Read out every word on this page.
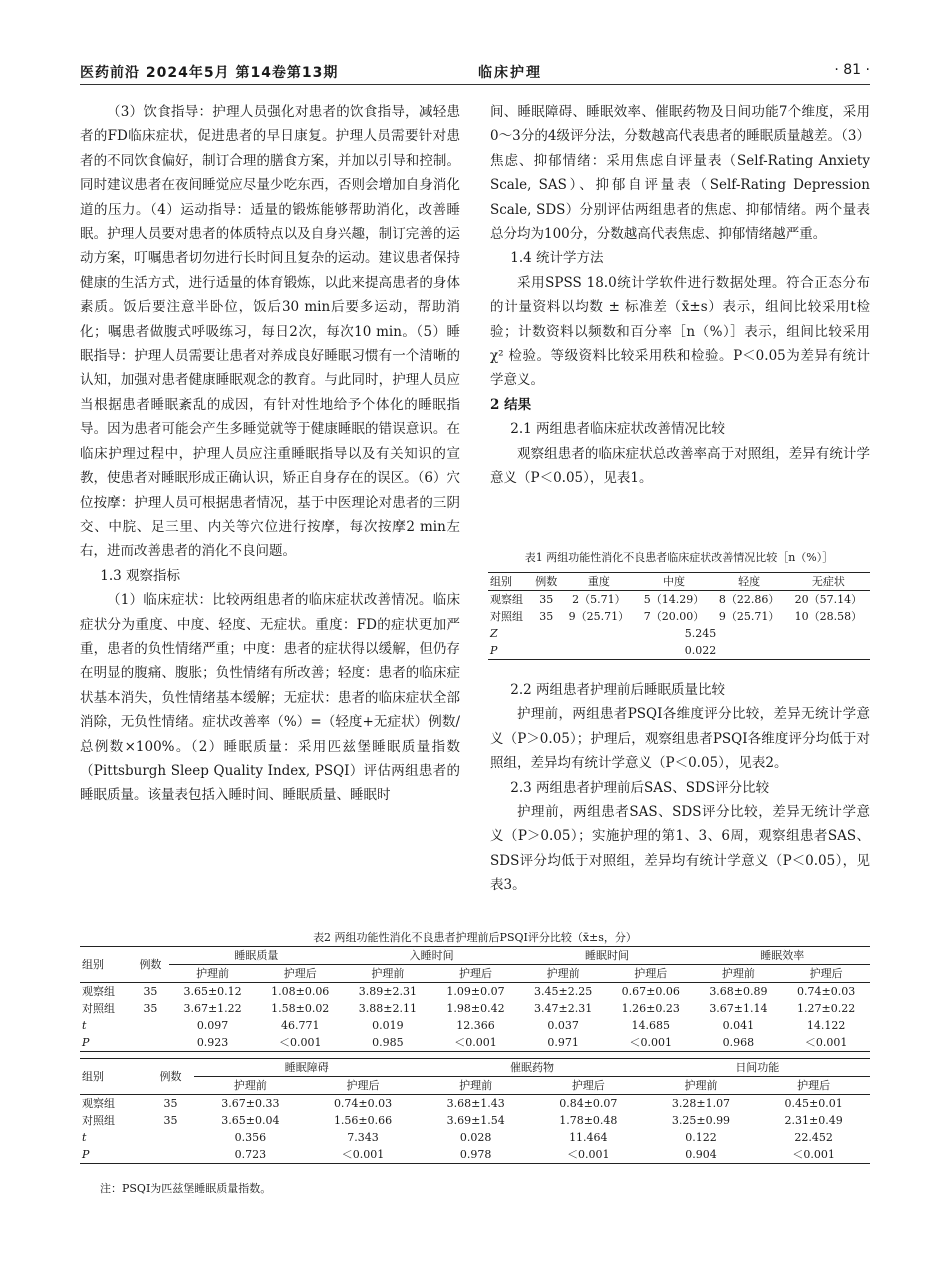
医药前沿 2024年5月 第14卷第13期	临床护理	· 81 ·

（3）饮食指导：护理人员强化对患者的饮食指导，减轻患者的FD临床症状，促进患者的早日康复。护理人员需要针对患者的不同饮食偏好，制订合理的膳食方案，并加以引导和控制。同时建议患者在夜间睡觉应尽量少吃东西，否则会增加自身消化道的压力。（4）运动指导：适量的锻炼能够帮助消化，改善睡眠。护理人员要对患者的体质特点以及自身兴趣，制订完善的运动方案，叮嘱患者切勿进行长时间且复杂的运动。建议患者保持健康的生活方式，进行适量的体育锻炼，以此来提高患者的身体素质。饭后要注意半卧位，饭后30 min后要多运动，帮助消化；嘱患者做腹式呼吸练习，每日2次，每次10 min。（5）睡眠指导：护理人员需要让患者对养成良好睡眠习惯有一个清晰的认知，加强对患者健康睡眠观念的教育。与此同时，护理人员应当根据患者睡眠紊乱的成因，有针对性地给予个体化的睡眠指导。因为患者可能会产生多睡觉就等于健康睡眠的错误意识。在临床护理过程中，护理人员应注重睡眠指导以及有关知识的宣教，使患者对睡眠形成正确认识，矫正自身存在的误区。（6）穴位按摩：护理人员可根据患者情况，基于中医理论对患者的三阴交、中脘、足三里、内关等穴位进行按摩，每次按摩2 min左右，进而改善患者的消化不良问题。

1.3 观察指标

（1）临床症状：比较两组患者的临床症状改善情况。临床症状分为重度、中度、轻度、无症状。重度：FD的症状更加严重，患者的负性情绪严重；中度：患者的症状得以缓解，但仍存在明显的腹痛、腹胀；负性情绪有所改善；轻度：患者的临床症状基本消失，负性情绪基本缓解；无症状：患者的临床症状全部消除，无负性情绪。症状改善率（%）=（轻度+无症状）例数/总例数×100%。（2）睡眠质量：采用匹兹堡睡眠质量指数（Pittsburgh Sleep Quality Index, PSQI）评估两组患者的睡眠质量。该量表包括入睡时间、睡眠质量、睡眠时

间、睡眠障碍、睡眠效率、催眠药物及日间功能7个维度，采用0～3分的4级评分法，分数越高代表患者的睡眠质量越差。（3）焦虑、抑郁情绪：采用焦虑自评量表（Self-Rating Anxiety Scale, SAS）、抑郁自评量表（Self-Rating Depression Scale, SDS）分别评估两组患者的焦虑、抑郁情绪。两个量表总分均为100分，分数越高代表焦虑、抑郁情绪越严重。

1.4 统计学方法

采用SPSS 18.0统计学软件进行数据处理。符合正态分布的计量资料以均数 ± 标准差（x̄±s）表示，组间比较采用t检验；计数资料以频数和百分率［n（%）］表示，组间比较采用 χ² 检验。等级资料比较采用秩和检验。P＜0.05为差异有统计学意义。

2 结果

2.1 两组患者临床症状改善情况比较

观察组患者的临床症状总改善率高于对照组，差异有统计学意义（P＜0.05），见表1。

表1 两组功能性消化不良患者临床症状改善情况比较［n（%）］

组别	例数	重度	中度	轻度	无症状
观察组	35	2（5.71）	5（14.29）	8（22.86）	20（57.14）
对照组	35	9（25.71）	7（20.00）	9（25.71）	10（28.58）
Z	5.245				
P	0.022				

2.2 两组患者护理前后睡眠质量比较

护理前，两组患者PSQI各维度评分比较，差异无统计学意义（P＞0.05）；护理后，观察组患者PSQI各维度评分均低于对照组，差异均有统计学意义（P＜0.05），见表2。

2.3 两组患者护理前后SAS、SDS评分比较

护理前，两组患者SAS、SDS评分比较，差异无统计学意义（P＞0.05）；实施护理的第1、3、6周，观察组患者SAS、SDS评分均低于对照组，差异均有统计学意义（P＜0.05），见表3。

表2 两组功能性消化不良患者护理前后PSQI评分比较（x̄±s，分）

组别	例数	睡眠质量		入睡时间		睡眠时间		睡眠效率	
		护理前	护理后	护理前	护理后	护理前	护理后	护理前	护理后
观察组	35	3.65±0.12	1.08±0.06	3.89±2.31	1.09±0.07	3.45±2.25	0.67±0.06	3.68±0.89	0.74±0.03
对照组	35	3.67±1.22	1.58±0.02	3.88±2.11	1.98±0.42	3.47±2.31	1.26±0.23	3.67±1.14	1.27±0.22
t		0.097	46.771	0.019	12.366	0.037	14.685	0.041	14.122
P		0.923	＜0.001	0.985	＜0.001	0.971	＜0.001	0.968	＜0.001
组别	例数	睡眠障碍		催眠药物		日间功能	
		护理前	护理后	护理前	护理后	护理前	护理后
观察组	35	3.67±0.33	0.74±0.03	3.68±1.43	0.84±0.07	3.28±1.07	0.45±0.01
对照组	35	3.65±0.04	1.56±0.66	3.69±1.54	1.78±0.48	3.25±0.99	2.31±0.49
t		0.356	7.343	0.028	11.464	0.122	22.452
P		0.723	＜0.001	0.978	＜0.001	0.904	＜0.001
注：PSQI为匹兹堡睡眠质量指数。
